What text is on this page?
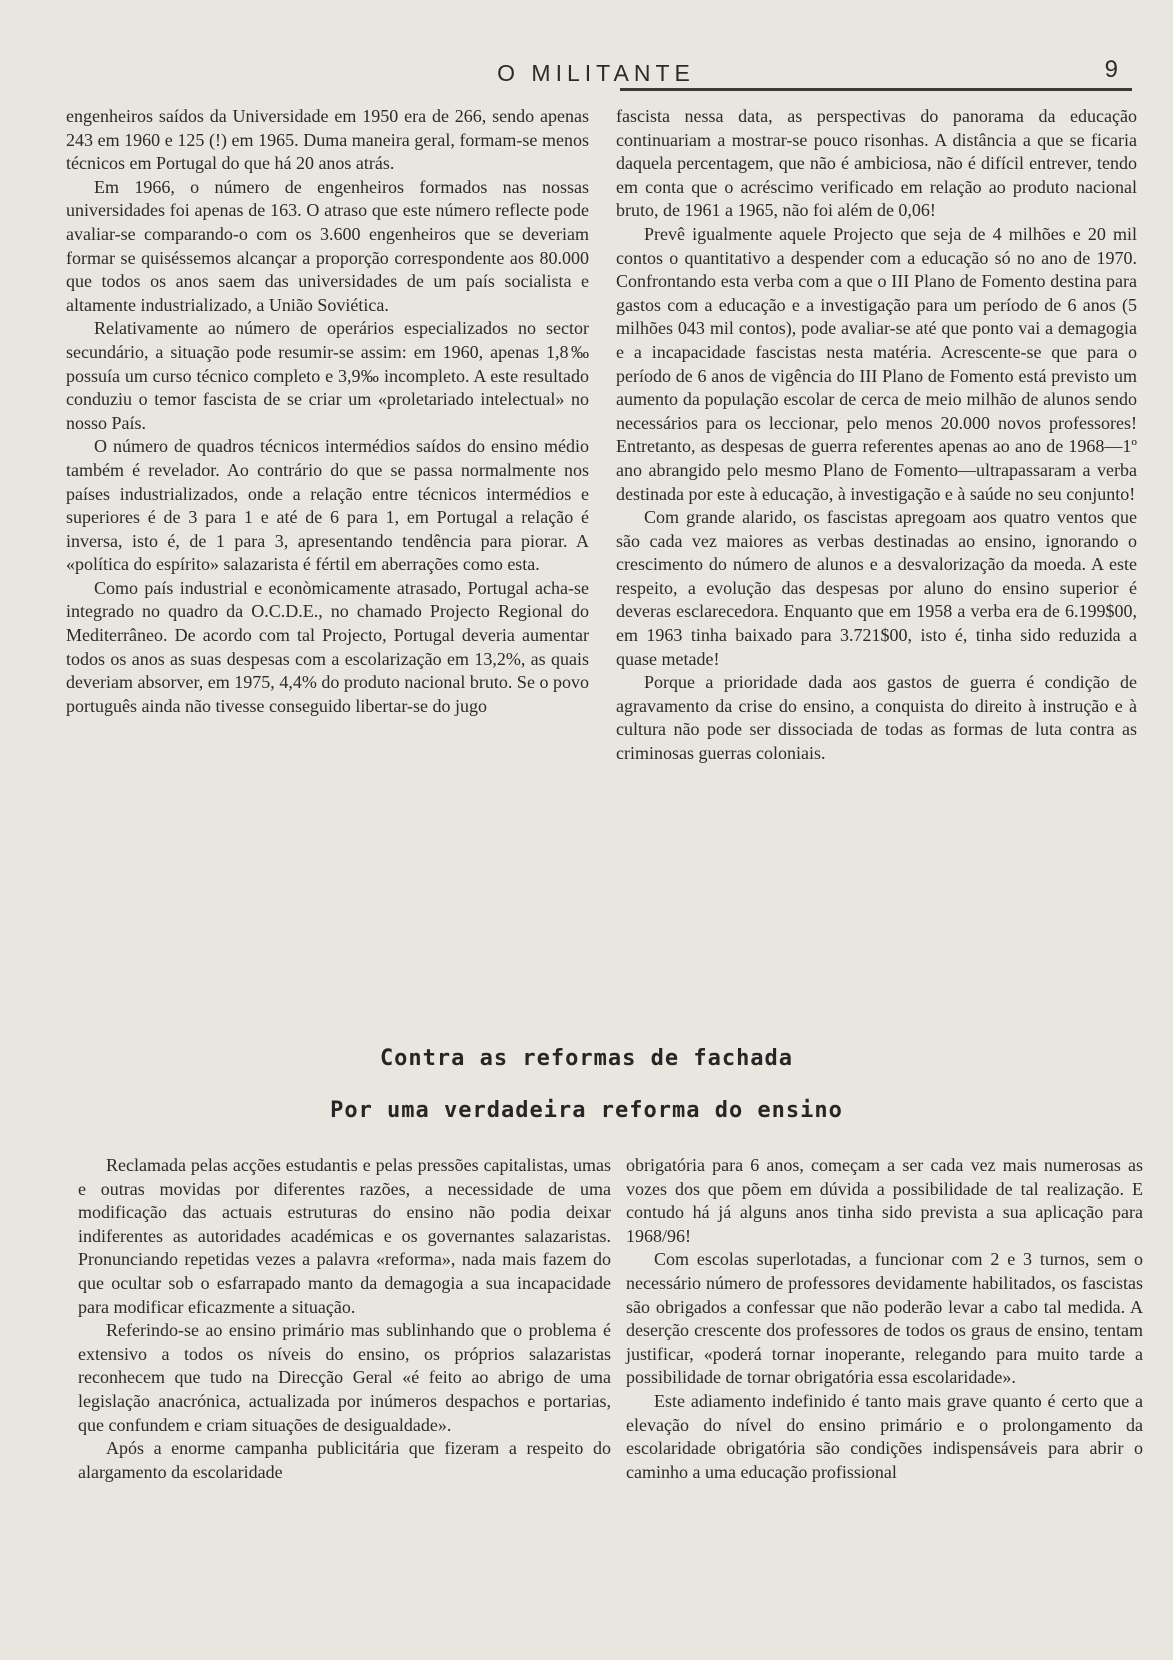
O MILITANTE	9

engenheiros saídos da Universidade em 1950 era de 266, sendo apenas 243 em 1960 e 125 (!) em 1965. Duma maneira geral, formam-se menos técnicos em Portugal do que há 20 anos atrás.

Em 1966, o número de engenheiros formados nas nossas universidades foi apenas de 163. O atraso que este número reflecte pode avaliar-se comparando-o com os 3.600 engenheiros que se deveriam formar se quiséssemos alcançar a proporção correspondente aos 80.000 que todos os anos saem das universidades de um país socialista e altamente industrializado, a União Soviética.

Relativamente ao número de operários especializados no sector secundário, a situação pode resumir-se assim: em 1960, apenas 1,8‰ possuía um curso técnico completo e 3,9‰ incompleto. A este resultado conduziu o temor fascista de se criar um «proletariado intelectual» no nosso País.

O número de quadros técnicos intermédios saídos do ensino médio também é revelador. Ao contrário do que se passa normalmente nos países industrializados, onde a relação entre técnicos intermédios e superiores é de 3 para 1 e até de 6 para 1, em Portugal a relação é inversa, isto é, de 1 para 3, apresentando tendência para piorar. A «política do espírito» salazarista é fértil em aberrações como esta.

Como país industrial e econòmicamente atrasado, Portugal acha-se integrado no quadro da O.C.D.E., no chamado Projecto Regional do Mediterrâneo. De acordo com tal Projecto, Portugal deveria aumentar todos os anos as suas despesas com a escolarização em 13,2%, as quais deveriam absorver, em 1975, 4,4% do produto nacional bruto. Se o povo português ainda não tivesse conseguido libertar-se do jugo

fascista nessa data, as perspectivas do panorama da educação continuariam a mostrar-se pouco risonhas. A distância a que se ficaria daquela percentagem, que não é ambiciosa, não é difícil entrever, tendo em conta que o acréscimo verificado em relação ao produto nacional bruto, de 1961 a 1965, não foi além de 0,06!

Prevê igualmente aquele Projecto que seja de 4 milhões e 20 mil contos o quantitativo a despender com a educação só no ano de 1970. Confrontando esta verba com a que o III Plano de Fomento destina para gastos com a educação e a investigação para um período de 6 anos (5 milhões 043 mil contos), pode avaliar-se até que ponto vai a demagogia e a incapacidade fascistas nesta matéria. Acrescente-se que para o período de 6 anos de vigência do III Plano de Fomento está previsto um aumento da população escolar de cerca de meio milhão de alunos sendo necessários para os leccionar, pelo menos 20.000 novos professores! Entretanto, as despesas de guerra referentes apenas ao ano de 1968—1º ano abrangido pelo mesmo Plano de Fomento—ultrapassaram a verba destinada por este à educação, à investigação e à saúde no seu conjunto!

Com grande alarido, os fascistas apregoam aos quatro ventos que são cada vez maiores as verbas destinadas ao ensino, ignorando o crescimento do número de alunos e a desvalorização da moeda. A este respeito, a evolução das despesas por aluno do ensino superior é deveras esclarecedora. Enquanto que em 1958 a verba era de 6.199$00, em 1963 tinha baixado para 3.721$00, isto é, tinha sido reduzida a quase metade!

Porque a prioridade dada aos gastos de guerra é condição de agravamento da crise do ensino, a conquista do direito à instrução e à cultura não pode ser dissociada de todas as formas de luta contra as criminosas guerras coloniais.

Contra as reformas de fachada
Por uma verdadeira reforma do ensino

Reclamada pelas acções estudantis e pelas pressões capitalistas, umas e outras movidas por diferentes razões, a necessidade de uma modificação das actuais estruturas do ensino não podia deixar indiferentes as autoridades académicas e os governantes salazaristas. Pronunciando repetidas vezes a palavra «reforma», nada mais fazem do que ocultar sob o esfarrapado manto da demagogia a sua incapacidade para modificar eficazmente a situação.

Referindo-se ao ensino primário mas sublinhando que o problema é extensivo a todos os níveis do ensino, os próprios salazaristas reconhecem que tudo na Direcção Geral «é feito ao abrigo de uma legislação anacrónica, actualizada por inúmeros despachos e portarias, que confundem e criam situações de desigualdade».

Após a enorme campanha publicitária que fizeram a respeito do alargamento da escolaridade

obrigatória para 6 anos, começam a ser cada vez mais numerosas as vozes dos que põem em dúvida a possibilidade de tal realização. E contudo há já alguns anos tinha sido prevista a sua aplicação para 1968/96!

Com escolas superlotadas, a funcionar com 2 e 3 turnos, sem o necessário número de professores devidamente habilitados, os fascistas são obrigados a confessar que não poderão levar a cabo tal medida. A deserção crescente dos professores de todos os graus de ensino, tentam justificar, «poderá tornar inoperante, relegando para muito tarde a possibilidade de tornar obrigatória essa escolaridade».

Este adiamento indefinido é tanto mais grave quanto é certo que a elevação do nível do ensino primário e o prolongamento da escolaridade obrigatória são condições indispensáveis para abrir o caminho a uma educação profissional
